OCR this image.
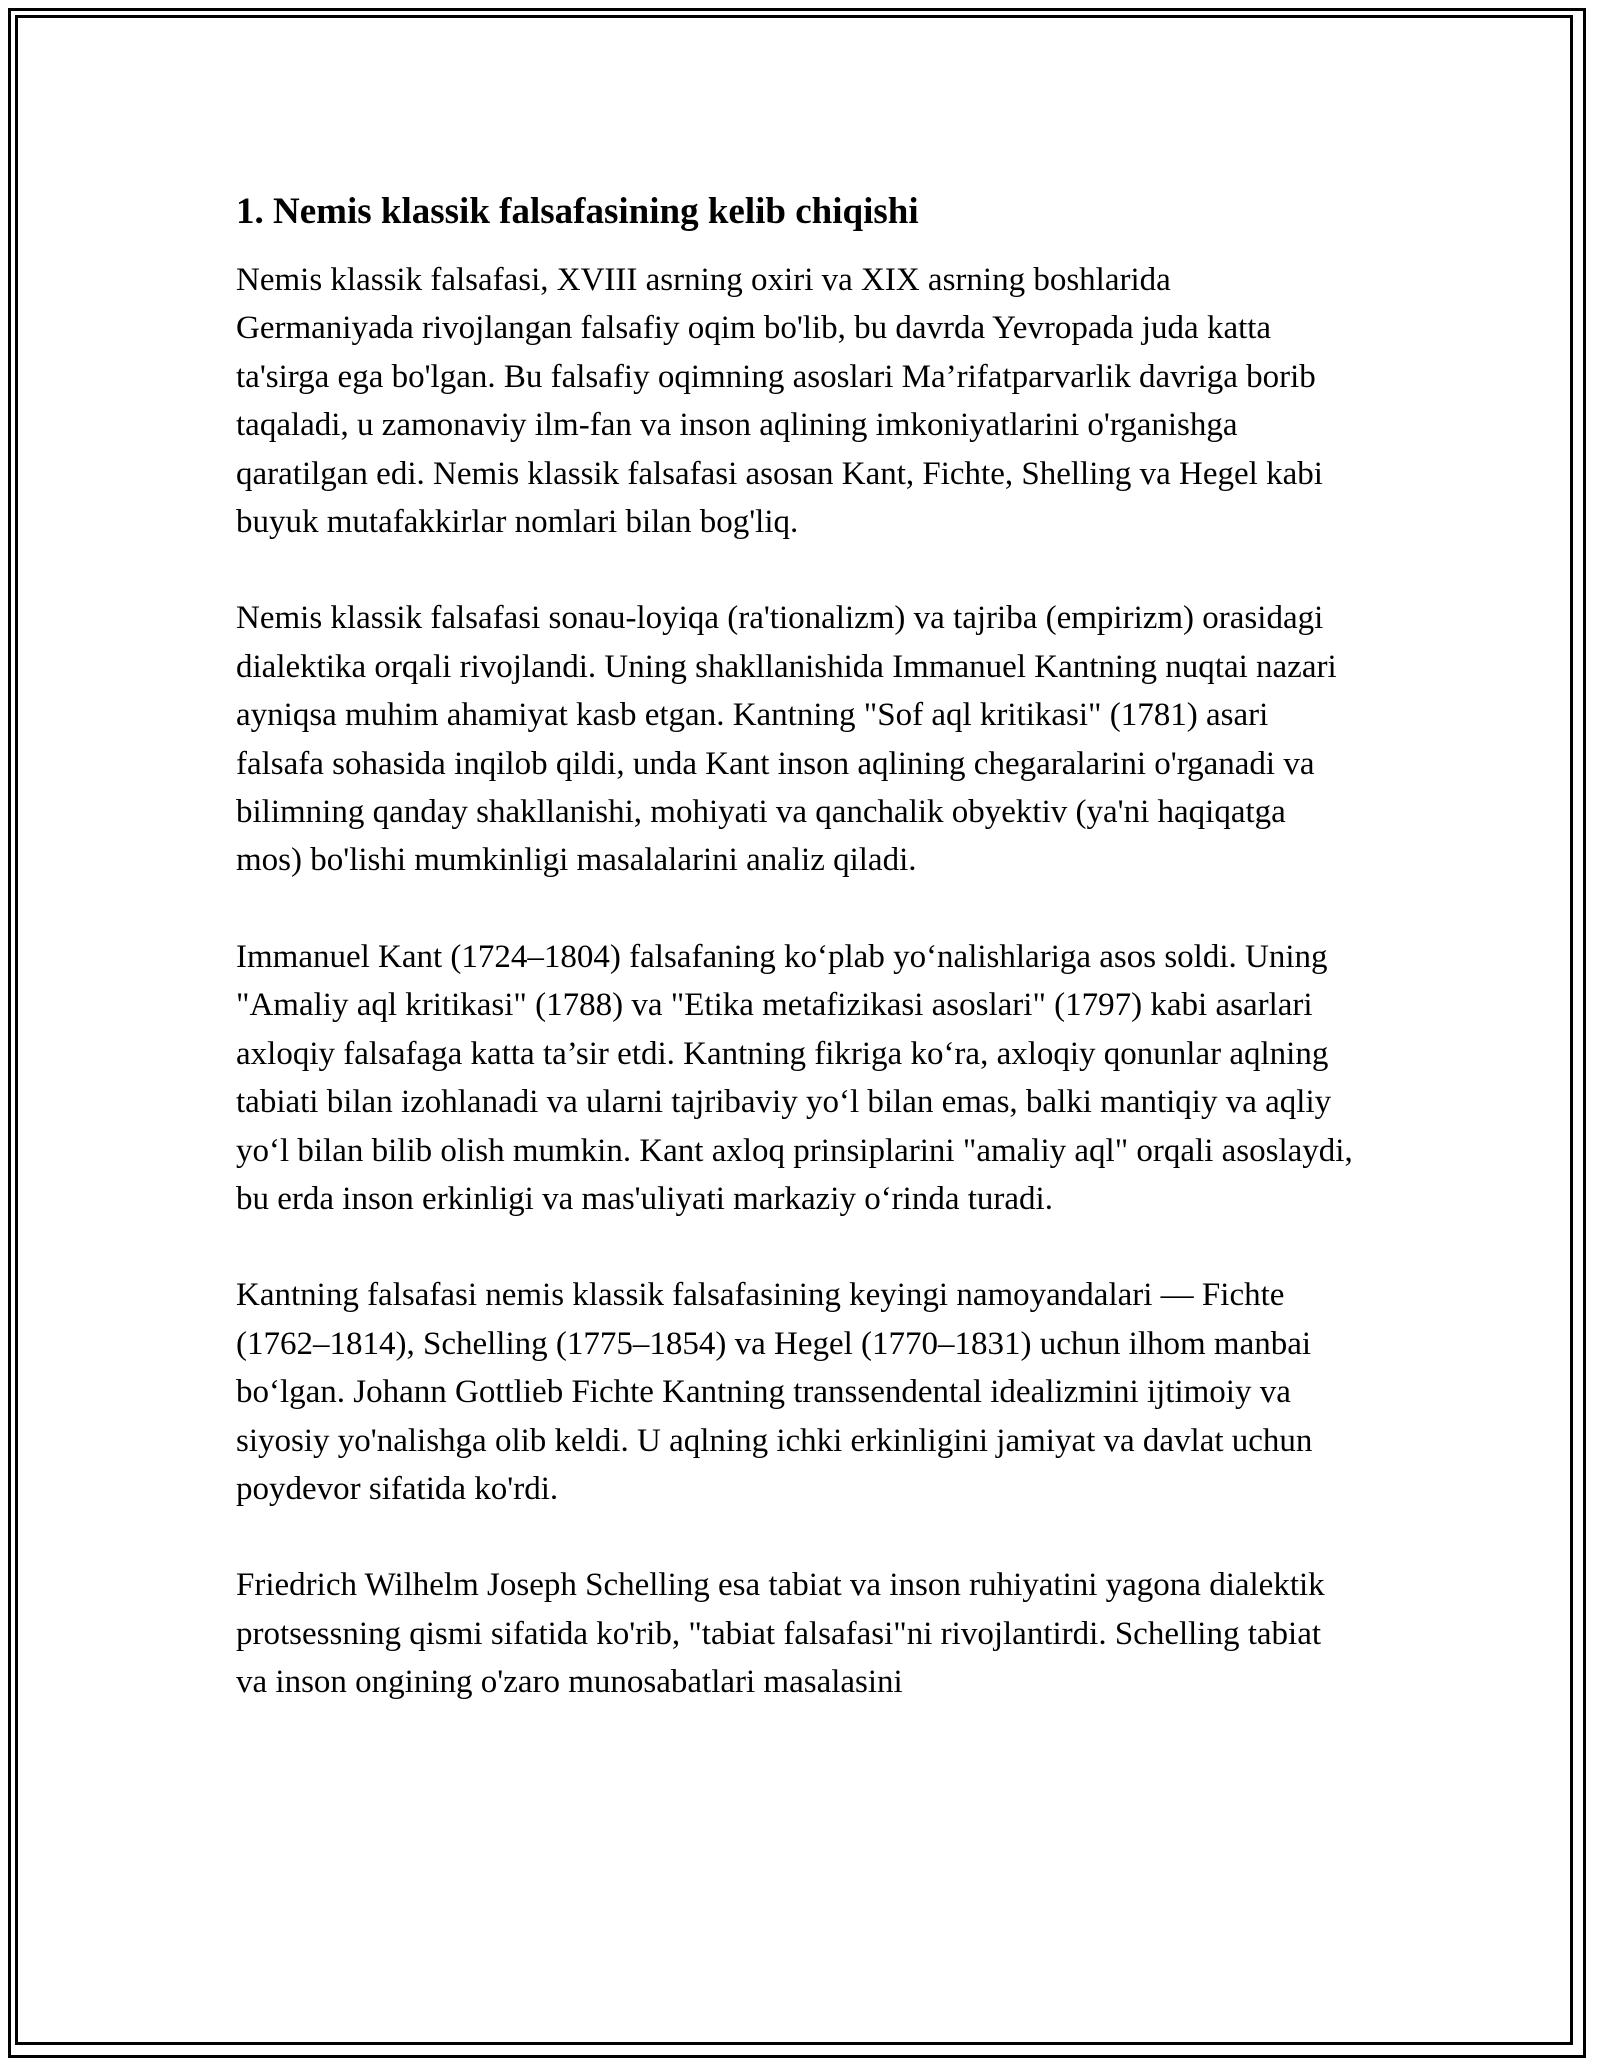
1. Nemis klassik falsafasining kelib chiqishi

Nemis klassik falsafasi, XVIII asrning oxiri va XIX asrning boshlarida Germaniyada rivojlangan falsafiy oqim bo'lib, bu davrda Yevropada juda katta ta'sirga ega bo'lgan. Bu falsafiy oqimning asoslari Ma’rifatparvarlik davriga borib taqaladi, u zamonaviy ilm-fan va inson aqlining imkoniyatlarini o'rganishga qaratilgan edi. Nemis klassik falsafasi asosan Kant, Fichte, Shelling va Hegel kabi buyuk mutafakkirlar nomlari bilan bog'liq.

Nemis klassik falsafasi sonau-loyiqa (ra'tionalizm) va tajriba (empirizm) orasidagi dialektika orqali rivojlandi. Uning shakllanishida Immanuel Kantning nuqtai nazari ayniqsa muhim ahamiyat kasb etgan. Kantning "Sof aql kritikasi" (1781) asari falsafa sohasida inqilob qildi, unda Kant inson aqlining chegaralarini o'rganadi va bilimning qanday shakllanishi, mohiyati va qanchalik obyektiv (ya'ni haqiqatga mos) bo'lishi mumkinligi masalalarini analiz qiladi.

Immanuel Kant (1724–1804) falsafaning koʻplab yoʻnalishlariga asos soldi. Uning "Amaliy aql kritikasi" (1788) va "Etika metafizikasi asoslari" (1797) kabi asarlari axloqiy falsafaga katta ta’sir etdi. Kantning fikriga koʻra, axloqiy qonunlar aqlning tabiati bilan izohlanadi va ularni tajribaviy yoʻl bilan emas, balki mantiqiy va aqliy yoʻl bilan bilib olish mumkin. Kant axloq prinsiplarini "amaliy aql" orqali asoslaydi, bu erda inson erkinligi va mas'uliyati markaziy oʻrinda turadi.

Kantning falsafasi nemis klassik falsafasining keyingi namoyandalari — Fichte (1762–1814), Schelling (1775–1854) va Hegel (1770–1831) uchun ilhom manbai boʻlgan. Johann Gottlieb Fichte Kantning transsendental idealizmini ijtimoiy va siyosiy yo'nalishga olib keldi. U aqlning ichki erkinligini jamiyat va davlat uchun poydevor sifatida ko'rdi.

Friedrich Wilhelm Joseph Schelling esa tabiat va inson ruhiyatini yagona dialektik protsessning qismi sifatida ko'rib, "tabiat falsafasi"ni rivojlantirdi. Schelling tabiat va inson ongining o'zaro munosabatlari masalasini
